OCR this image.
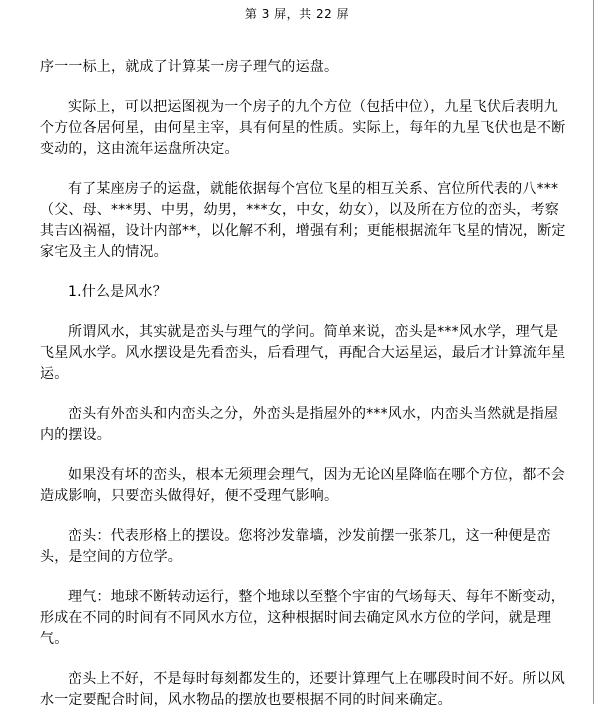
第 3 屏，共 22 屏

序一一标上，就成了计算某一房子理气的运盘。

实际上，可以把运图视为一个房子的九个方位（包括中位），九星飞伏后表明九个方位各居何星，由何星主宰，具有何星的性质。实际上，每年的九星飞伏也是不断变动的，这由流年运盘所决定。

有了某座房子的运盘，就能依据每个宫位飞星的相互关系、宫位所代表的八***（父、母、***男、中男，幼男，***女，中女，幼女），以及所在方位的峦头，考察其吉凶祸福，设计内部**，以化解不利，增强有利；更能根据流年飞星的情况，断定家宅及主人的情况。

1.什么是风水？

所谓风水，其实就是峦头与理气的学问。简单来说，峦头是***风水学，理气是飞星风水学。风水摆设是先看峦头，后看理气，再配合大运星运，最后才计算流年星运。

峦头有外峦头和内峦头之分，外峦头是指屋外的***风水，内峦头当然就是指屋内的摆设。

如果没有坏的峦头，根本无须理会理气，因为无论凶星降临在哪个方位，都不会造成影响，只要峦头做得好，便不受理气影响。

峦头：代表形格上的摆设。您将沙发靠墙，沙发前摆一张茶几，这一种便是峦头，是空间的方位学。

理气：地球不断转动运行，整个地球以至整个宇宙的气场每天、每年不断变动，形成在不同的时间有不同风水方位，这种根据时间去确定风水方位的学问，就是理气。

峦头上不好，不是每时每刻都发生的，还要计算理气上在哪段时间不好。所以风水一定要配合时间，风水物品的摆放也要根据不同的时间来确定。
